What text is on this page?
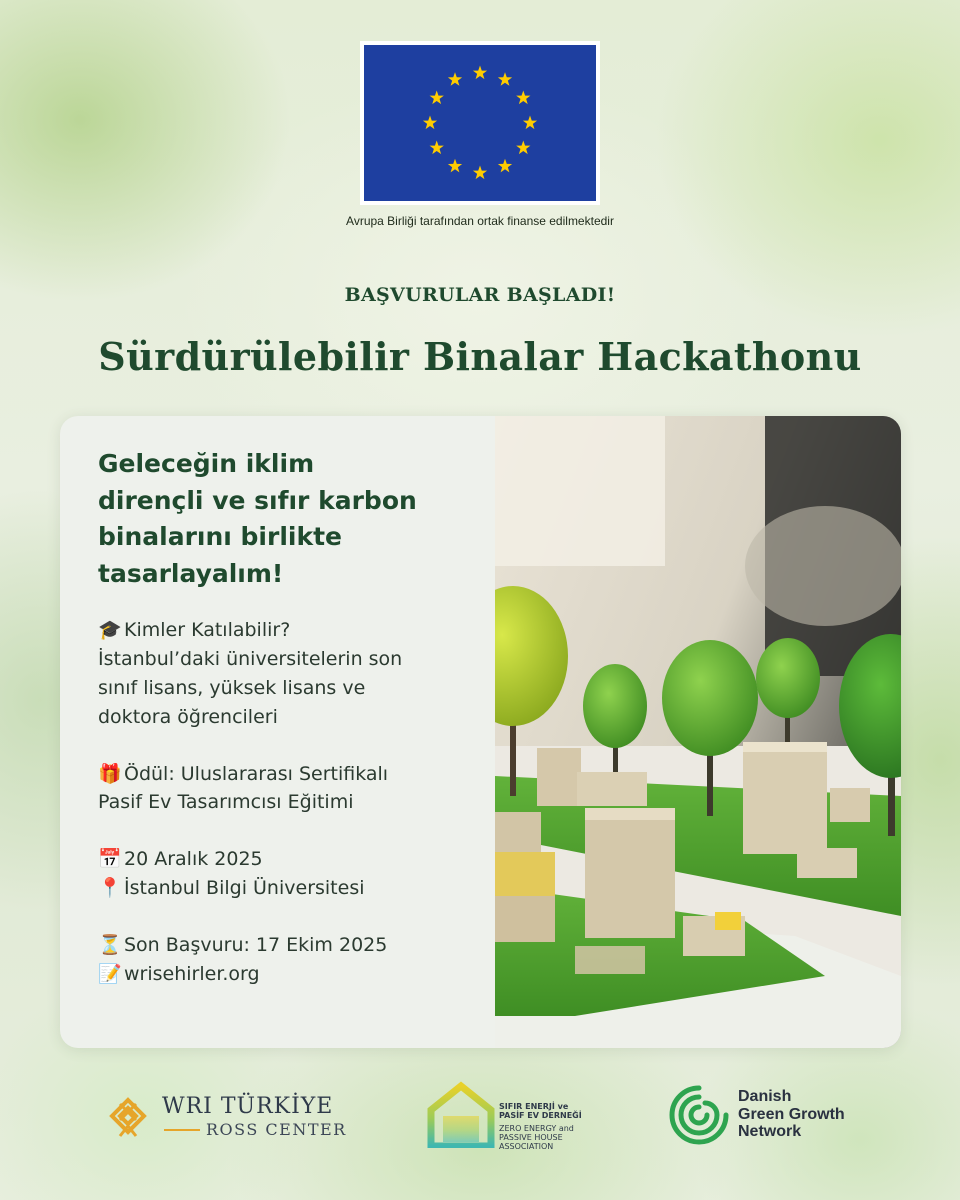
Avrupa Birliği tarafından ortak finanse edilmektedir
BAŞVURULAR BAŞLADI!
Sürdürülebilir Binalar Hackathonu
Geleceğin iklim dirençli ve sıfır karbon binalarını birlikte tasarlayalım!

🎓 Kimler Katılabilir?
İstanbul’daki üniversitelerin son
sınıf lisans, yüksek lisans ve
doktora öğrencileri

🎁 Ödül: Uluslararası Sertifikalı
Pasif Ev Tasarımcısı Eğitimi

📅 20 Aralık 2025

📍 İstanbul Bilgi Üniversitesi

⏳ Son Başvuru: 17 Ekim 2025

📝 wrisehirler.org

WRI TÜRKİYE
ROSS CENTER
SIFIR ENERJİ ve
PASİF EV DERNEĞİ
ZERO ENERGY and
PASSIVE HOUSE ASSOCIATION
Danish
Green Growth
Network
